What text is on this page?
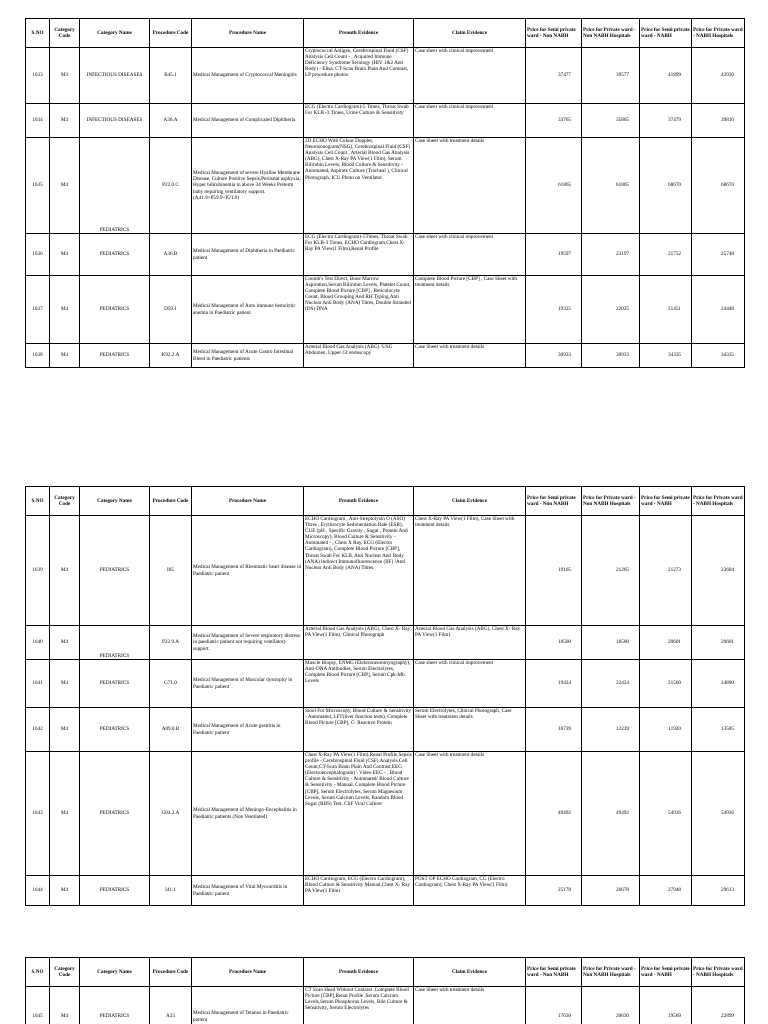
S.NO	Category Code	Category Name	Procedure Code	Procedure Name	Preauth Evidence	Claim Evidence	Price for Semi private ward - Non NABH	Price for Private ward - Non NABH Hospitals	Price for Semi private ward - NABH	Price for Private ward - NABH Hospitals
1633	M3	INFECTIOUS DISEASES	B45.1	Medical Management of Cryptococcal Meningitis	Cryptococcal Antigen, Cerebrospinal Fluid (CSF) Analysis Cell Count - , Acquired Immune Deficiency Syndrome Serology (HIV 1&2 Anti Body) - Elisa, CT-Scan Brain Plain And Contrast, LP procedure photos	Case sheet with clinical improvement	37477	39577	41899	43930
1634	M3	INFECTIOUS DISEASES	A36.A	Medical Management of Complicated Diphtheria	ECG (Electro Cardiogram)-5 Times, Throat Swab For KLB -3 Times, Urine Culture & Sensitivity	Case sheet with clinical improvement	33765	35865	37479	39810
1635	M4	PEDIATRICS	P22.0.C	Medical Management of severe Hyaline Membrane Disease, Culture Positive Sepsis,Perinatal asphyxia, Hyper bilirubinemia in above 34 Weeks Preterm baby requiring ventilatory support. (A41.9+P59.9+P21.9)	2D ECHO With Colour Doppler, Neurosonogram(NSG), Cerebrospinal Fluid (CSF) Analysis Cell Count , Arterial Blood Gas Analysis (ABG), Chest X-Ray PA View(1 Film), Serum Bilirubin Levels, Blood Culture & Sensitivity - Automated, Aspirate Culture (Tracheal ), Clinical Photograph, ICU Photo on Ventilator	Case Sheet with treatment details	61865	61865	68670	68670
1636	M4	PEDIATRICS	A36.B	Medical Management of Diphtheria in Paediatric patient	ECG (Electro Cardiogram)-5Times, Throat Swab For KLB-3 Times, ECHO Cardiogram,Chest X-Ray PA View(1 Film),Renal Profile	Case sheet with clinical improvement	19597	23197	21752	25748
1637	M4	PEDIATRICS	D59.1	Medical Management of Auto immune hemolytic anemia in Paediatric patient	Coomb's Test Direct, Bone Marrow Aspiration,Serum Bilirubin Levels, Platelet Count, Complete Blood Picture [CBP] , Reticulocyte Count, Blood Grouping And RH Typing,Anti Nuclear Anti Body (ANA) Titres, Double Stranded (DS) DNA	Complete Blood Picture [CBP] , Case Sheet with treatment details	19325	22025	21451	24448
1638	M4	PEDIATRICS	K92.2.A	Medical Management of Acute Gastro Intestinal Bleed in Paediatric patients	Arterial Blood Gas Analysis (ABG) /USG Abdomen, Upper GI endoscopy	Case Sheet with treatment details	30933	30933	34335	34335
S.NO	Category Code	Category Name	Procedure Code	Procedure Name	Preauth Evidence	Claim Evidence	Price for Semi private ward - Non NABH	Price for Private ward - Non NABH Hospitals	Price for Semi private ward - NABH	Price for Private ward - NABH Hospitals
1639	M4	PEDIATRICS	I05	Medical Management of Rheumatic heart disease in Paediatric patient	ECHO Cardiogram , Anti-Streptolysin O (ASO) Titres , Erythrocyte Sedimentation Rate (ESR), CUE (pH , Specific Gravity , Sugar , Protein And Microscopy), Blood Culture & Sensitivity - Automated - , Chest X Ray, ECG (Electro Cardiogram), Complete Blood Picture [CBP], Throat Swab For KLB, Anti Nuclear Anti Body (ANA) Indirect Immunofluorescence (IIF) /Anti Nuclear Anti Body (ANA) Titres	Chest X-Ray PA View(1 Film), Case Sheet with treatment details	19165	21265	21273	23604
1640	M4	PEDIATRICS	P22.9.A	Medical Management of Severe respiratory distress in paediatric patient not requiring ventilatory support.	Arterial Blood Gas Analysis (ABG), Chest X- Ray PA View(1 Film), Clinical Photograph	Arterial Blood Gas Analysis (ABG), Chest X- Ray PA View(1 Film)	18560	18560	20601	20601
1641	M4	PEDIATRICS	G71.0	Medical Management of Muscular dystrophy in Paediatric patient	Muscle Biopsy, ENMG (Elektroneuromyography), Anti-DNA Antibodies, Serum Electrolytes, Complete Blood Picture [CBP], Serum Cpk-Mb Levels	Case sheet with clinical improvement	19424	22424	21560	24890
1642	M4	PEDIATRICS	A09.0.B	Medical Management of Acute gastritis in Paediatric patient	Stool For Microscopy, Blood Culture & Sensitivity - Automated, LFT(liver function tests), Complete Blood Picture [CBP], C- Reactive Protein	Serum Electrolytes, Clinical Photograph, Case Sheet with treatment details	10739	12239	11920	13585
1643	M4	PEDIATRICS	G04.2.A	Medical Management of Meningo-Encephalitis in Paediatric patients (Non Ventilated)	Chest X-Ray PA View(1 Film),Renal Profile,Sepsis profile -,Cerebrospinal Fluid (CSF) Analysis Cell Count,CT-Scan Brain Plain And Contrast,EEG (Electroencephalogram) \ Video EEG - , Blood Culture & Sensitivity - Automated/ Blood Culture & Sensitivity - Manual, Complete Blood Picture [CBP], Serum Electrolytes, Serum Magnesium Levels, Serum Calcium Levels, Random Blood Sugar (RBS) Test, CSF Viral Culture	Case Sheet with treatment details	49492	49492	54936	54936
1644	M4	PEDIATRICS	I41.1	Medical Management of Viral Myocarditis in Paediatric patient	ECHO Cardiogram, ECG (Electro Cardiogram), Blood Culture & Sensitivity Manual,Chest X- Ray PA View(1 Film)	POST OP ECHO Cardiogram, CG (Electro Cardiogram), Chest X-Ray PA View(1 Film)	25178	26678	27948	29613
S.NO	Category Code	Category Name	Procedure Code	Procedure Name	Preauth Evidence	Claim Evidence	Price for Semi private ward - Non NABH	Price for Private ward - Non NABH Hospitals	Price for Semi private ward - NABH	Price for Private ward - NABH Hospitals
1645	M4	PEDIATRICS	A33	Medical Management of Tetanus in Paediatric patient	CT Scan Head Without Contrast ,Complete Blood Picture [CBP],Renal Profile ,Serum Calcium Levels,Serum Phosphorus Levels, Bile Culture & Sensitivity, Serum Electrolytes	Case Sheet with treatment details	17630	20630	19569	22899
